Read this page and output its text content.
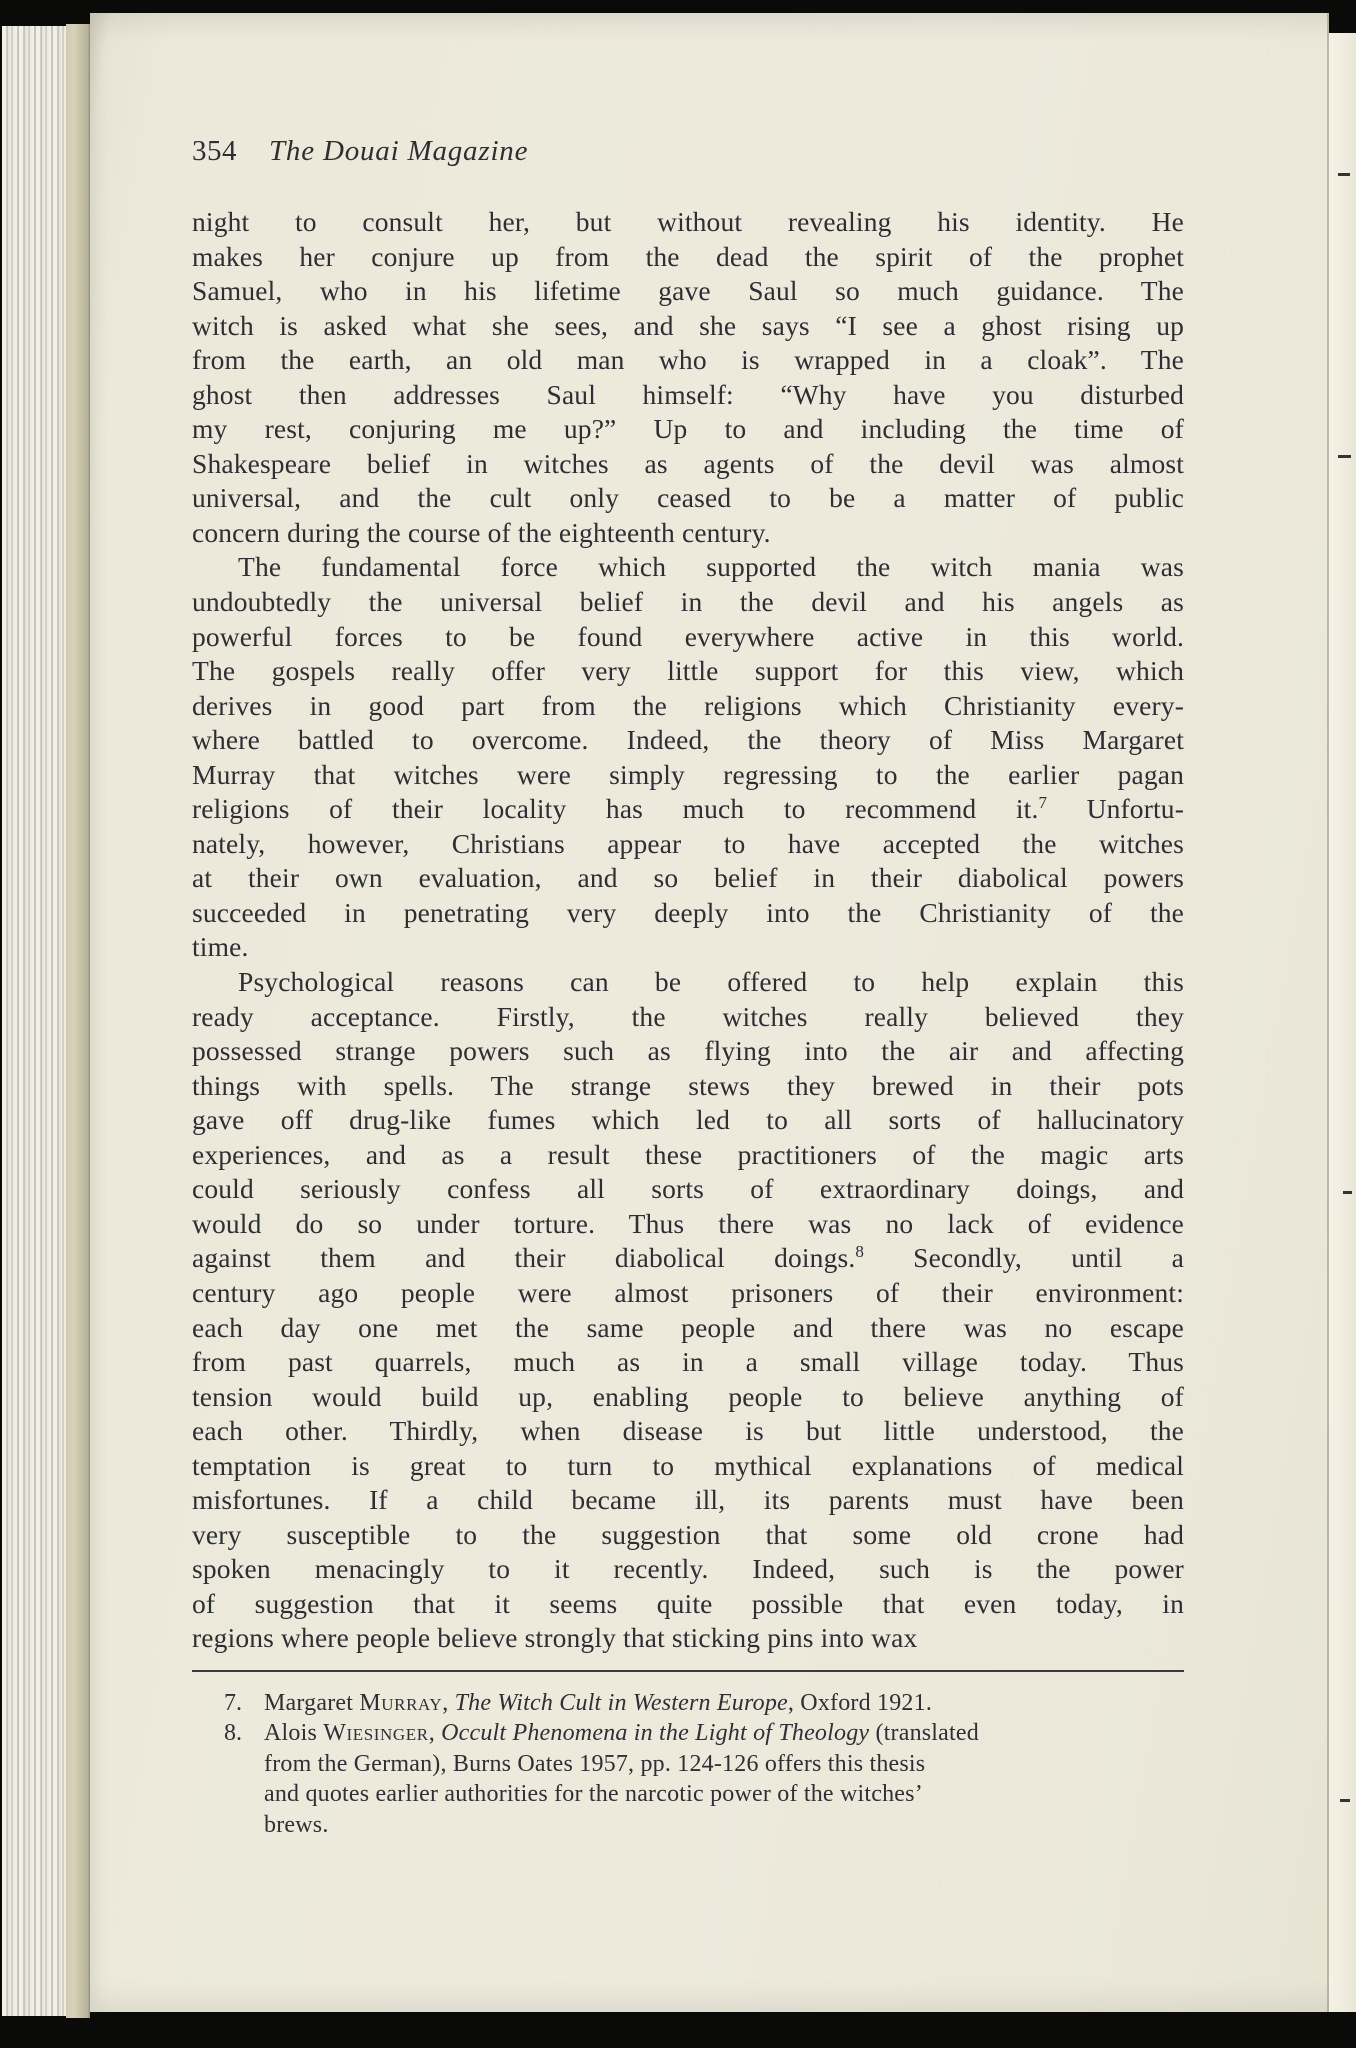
354 The Douai Magazine
night to consult her, but without revealing his identity. He
makes her conjure up from the dead the spirit of the prophet
Samuel, who in his lifetime gave Saul so much guidance. The
witch is asked what she sees, and she says “I see a ghost rising up
from the earth, an old man who is wrapped in a cloak”. The
ghost then addresses Saul himself: “Why have you disturbed
my rest, conjuring me up?” Up to and including the time of
Shakespeare belief in witches as agents of the devil was almost
universal, and the cult only ceased to be a matter of public
concern during the course of the eighteenth century.
The fundamental force which supported the witch mania was
undoubtedly the universal belief in the devil and his angels as
powerful forces to be found everywhere active in this world.
The gospels really offer very little support for this view, which
derives in good part from the religions which Christianity every-
where battled to overcome. Indeed, the theory of Miss Margaret
Murray that witches were simply regressing to the earlier pagan
religions of their locality has much to recommend it.$^7$ Unfortu-
nately, however, Christians appear to have accepted the witches
at their own evaluation, and so belief in their diabolical powers
succeeded in penetrating very deeply into the Christianity of the
time.
Psychological reasons can be offered to help explain this
ready acceptance. Firstly, the witches really believed they
possessed strange powers such as flying into the air and affecting
things with spells. The strange stews they brewed in their pots
gave off drug-like fumes which led to all sorts of hallucinatory
experiences, and as a result these practitioners of the magic arts
could seriously confess all sorts of extraordinary doings, and
would do so under torture. Thus there was no lack of evidence
against them and their diabolical doings.$^8$ Secondly, until a
century ago people were almost prisoners of their environment:
each day one met the same people and there was no escape
from past quarrels, much as in a small village today. Thus
tension would build up, enabling people to believe anything of
each other. Thirdly, when disease is but little understood, the
temptation is great to turn to mythical explanations of medical
misfortunes. If a child became ill, its parents must have been
very susceptible to the suggestion that some old crone had
spoken menacingly to it recently. Indeed, such is the power
of suggestion that it seems quite possible that even today, in
regions where people believe strongly that sticking pins into wax
7. Margaret Murray, The Witch Cult in Western Europe, Oxford 1921.
8. Alois Wiesinger, Occult Phenomena in the Light of Theology (translated
from the German), Burns Oates 1957, pp. 124-126 offers this thesis
and quotes earlier authorities for the narcotic power of the witches’
brews.
